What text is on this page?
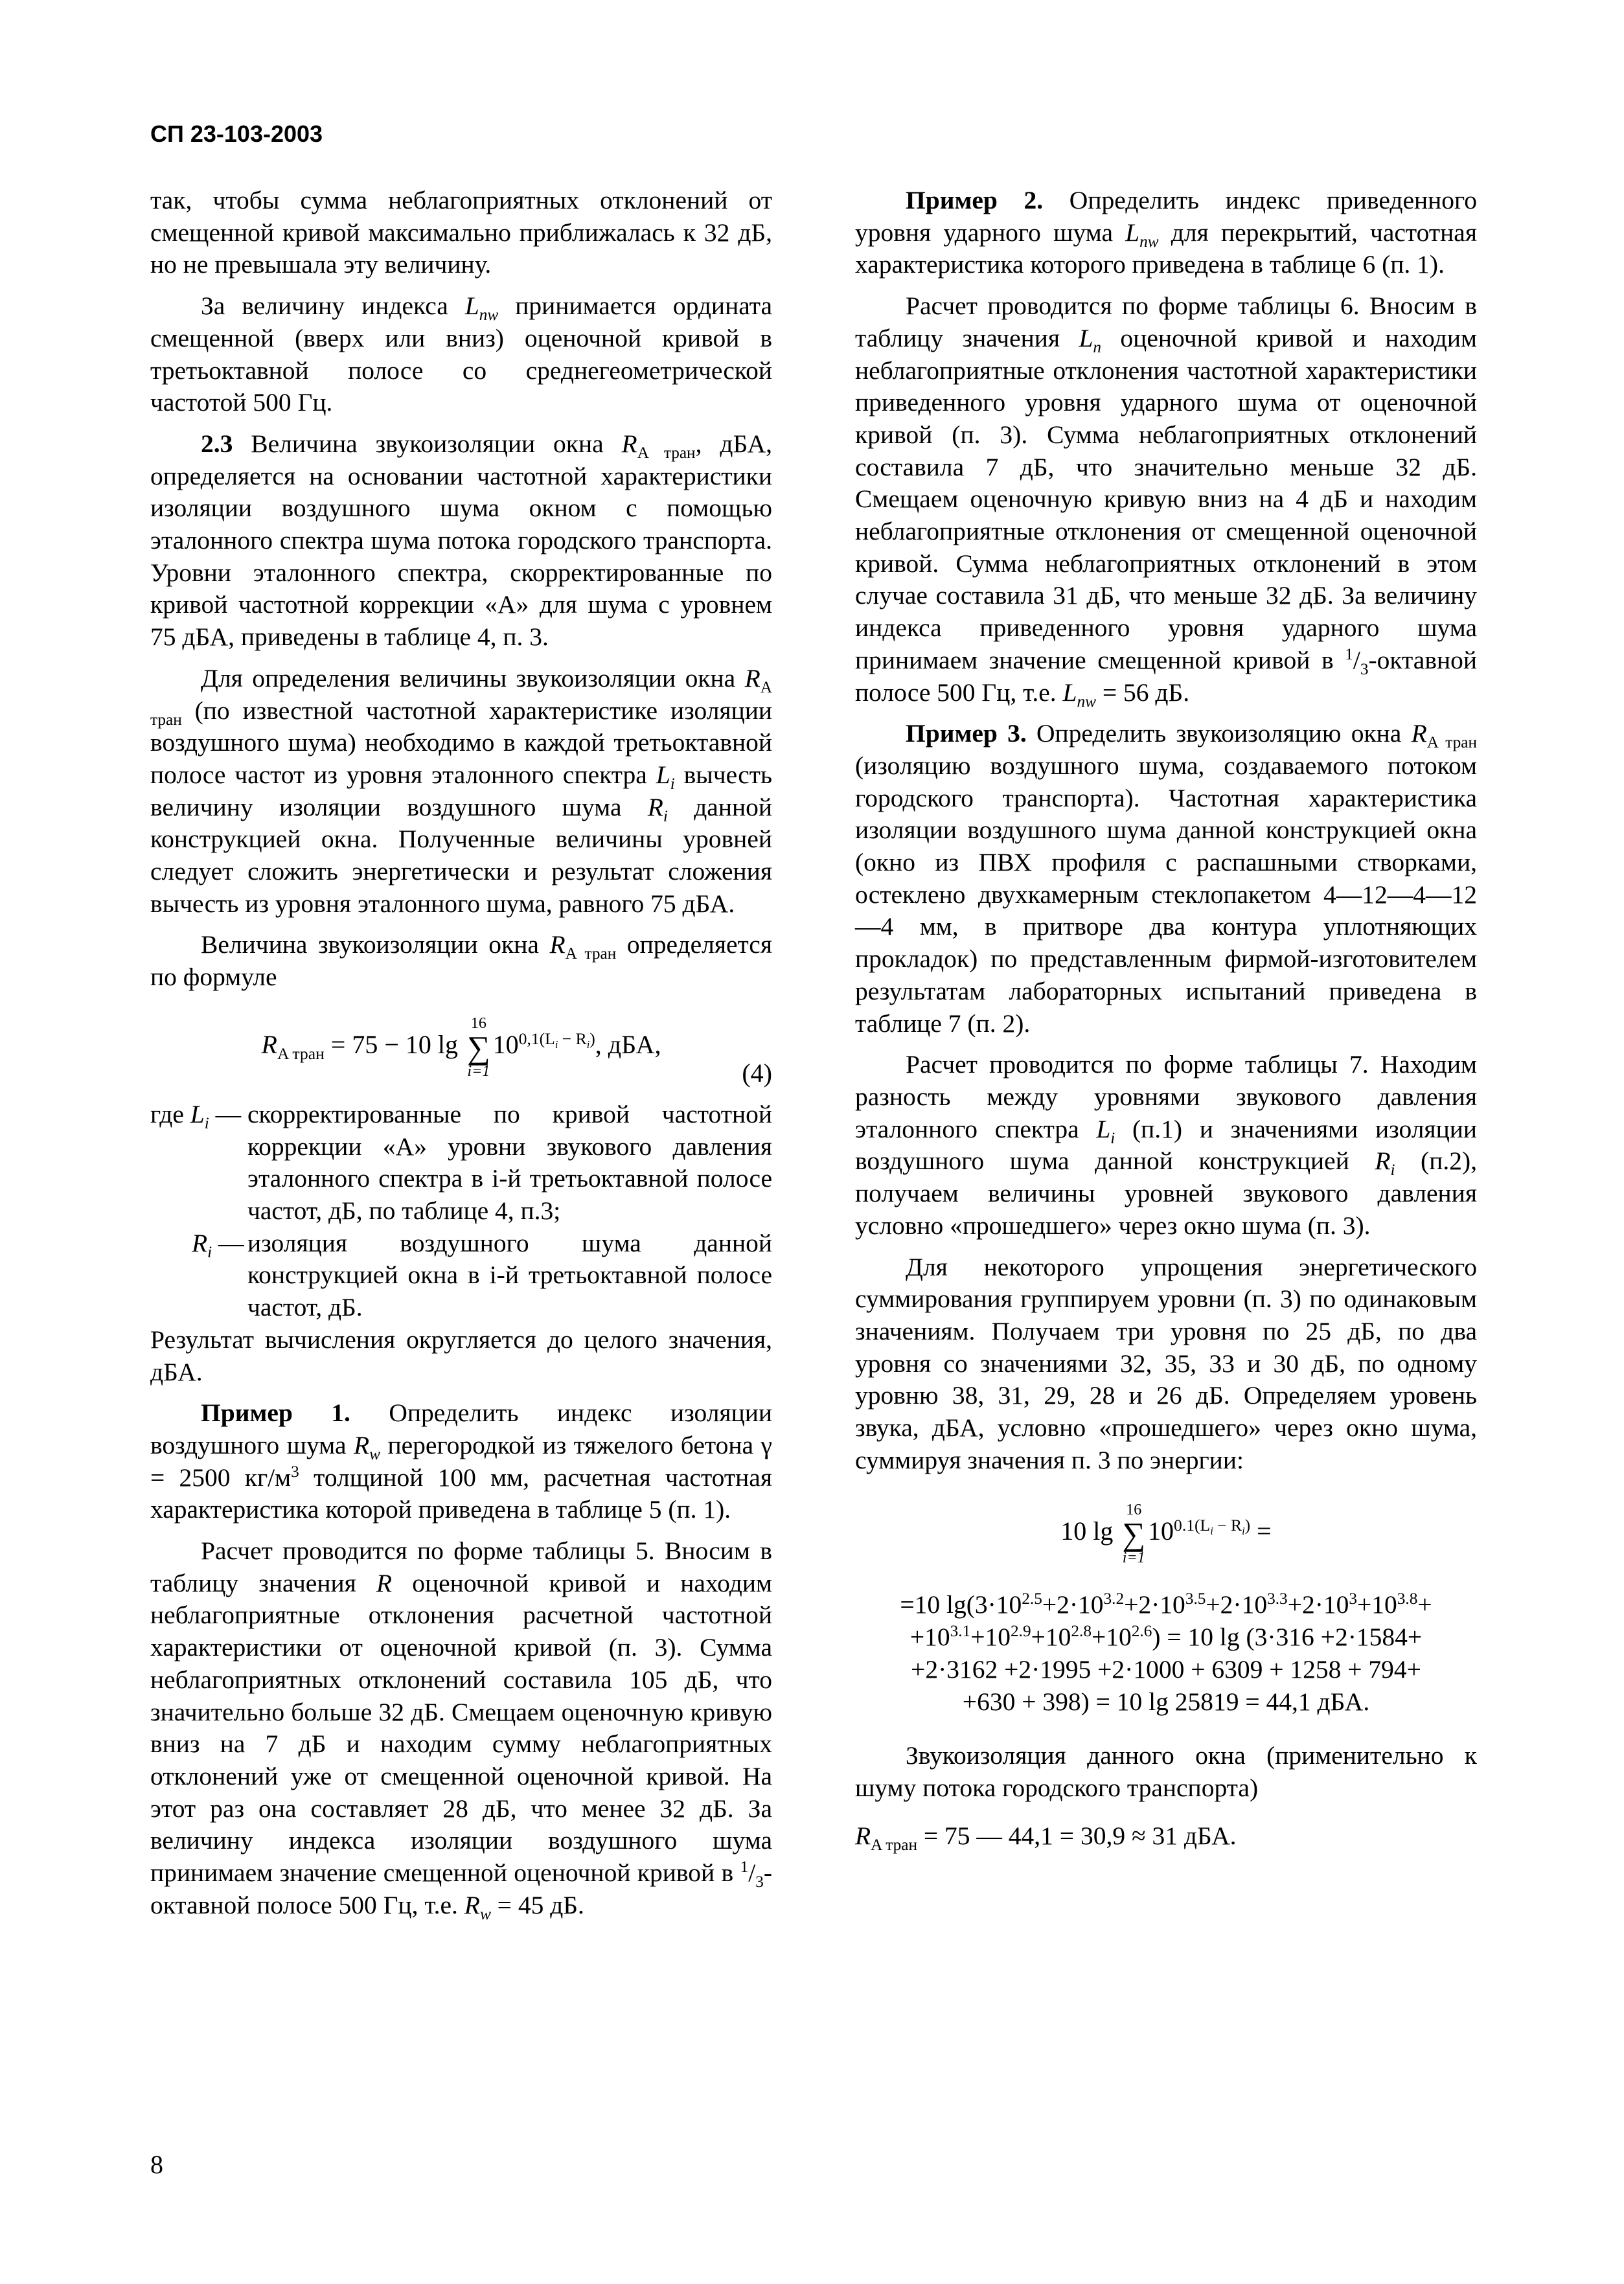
СП 23-103-2003

так, чтобы сумма неблагоприятных отклонений от смещенной кривой максимально приближалась к 32 дБ, но не превышала эту величину.

За величину индекса $L_{nw}$ принимается ордината смещенной (вверх или вниз) оценочной кривой в третьоктавной полосе со среднегеометрической частотой 500 Гц.

2.3 Величина звукоизоляции окна $R_{A тран}$, дБА, определяется на основании частотной характеристики изоляции воздушного шума окном с помощью эталонного спектра шума потока городского транспорта. Уровни эталонного спектра, скорректированные по кривой частотной коррекции «А» для шума с уровнем 75 дБА, приведены в таблице 4, п. 3.

Для определения величины звукоизоляции окна $R_{A тран}$ (по известной частотной характеристике изоляции воздушного шума) необходимо в каждой третьоктавной полосе частот из уровня эталонного спектра $L_i$ вычесть величину изоляции воздушного шума $R_i$ данной конструкцией окна. Полученные величины уровней следует сложить энергетически и результат сложения вычесть из уровня эталонного шума, равного 75 дБА.

Величина звукоизоляции окна $R_{A тран}$ определяется по формуле

$R_{A тран} = 75 - 10$ lg
16
∑
i=1
$10^{0,1(L_i - R_i)}$, дБА,
(4)
где $L_i$ — скорректированные по кривой частотной коррекции «А» уровни звукового давления эталонного спектра в i-й третьоктавной полосе частот, дБ, по таблице 4, п.3;
$R_i$ — изоляция воздушного шума данной конструкцией окна в i-й третьоктавной полосе частот, дБ.

Результат вычисления округляется до целого значения, дБА.

Пример 1. Определить индекс изоляции воздушного шума $R_w$ перегородкой из тяжелого бетона γ = 2500 $кг/м^3$ толщиной 100 мм, расчетная частотная характеристика которой приведена в таблице 5 (п. 1).

Расчет проводится по форме таблицы 5. Вносим в таблицу значения R оценочной кривой и находим неблагоприятные отклонения расчетной частотной характеристики от оценочной кривой (п. 3). Сумма неблагоприятных отклонений составила 105 дБ, что значительно больше 32 дБ. Смещаем оценочную кривую вниз на 7 дБ и находим сумму неблагоприятных отклонений уже от смещенной оценочной кривой. На этот раз она составляет 28 дБ, что менее 32 дБ. За величину индекса изоляции воздушного шума принимаем значение смещенной оценочной кривой в $^1/_3$-октавной полосе 500 Гц, т.е. $R_w = 45$ дБ.

Пример 2. Определить индекс приведенного уровня ударного шума $L_{nw}$ для перекрытий, частотная характеристика которого приведена в таблице 6 (п. 1).

Расчет проводится по форме таблицы 6. Вносим в таблицу значения $L_n$ оценочной кривой и находим неблагоприятные отклонения частотной характеристики приведенного уровня ударного шума от оценочной кривой (п. 3). Сумма неблагоприятных отклонений составила 7 дБ, что значительно меньше 32 дБ. Смещаем оценочную кривую вниз на 4 дБ и находим неблагоприятные отклонения от смещенной оценочной кривой. Сумма неблагоприятных отклонений в этом случае составила 31 дБ, что меньше 32 дБ. За величину индекса приведенного уровня ударного шума принимаем значение смещенной кривой в $^1/_3$-октавной полосе 500 Гц, т.е. $L_{nw} = 56$ дБ.

Пример 3. Определить звукоизоляцию окна $R_{A тран}$ (изоляцию воздушного шума, создаваемого потоком городского транспорта). Частотная характеристика изоляции воздушного шума данной конструкцией окна (окно из ПВХ профиля с распашными створками, остеклено двухкамерным стеклопакетом 4—12—4—12—4 мм, в притворе два контура уплотняющих прокладок) по представленным фирмой-изготовителем результатам лабораторных испытаний приведена в таблице 7 (п. 2).

Расчет проводится по форме таблицы 7. Находим разность между уровнями звукового давления эталонного спектра $L_i$ (п.1) и значениями изоляции воздушного шума данной конструкцией $R_i$ (п.2), получаем величины уровней звукового давления условно «прошедшего» через окно шума (п. 3).

Для некоторого упрощения энергетического суммирования группируем уровни (п. 3) по одинаковым значениям. Получаем три уровня по 25 дБ, по два уровня со значениями 32, 35, 33 и 30 дБ, по одному уровню 38, 31, 29, 28 и 26 дБ. Определяем уровень звука, дБА, условно «прошедшего» через окно шума, суммируя значения п. 3 по энергии:

10 lg
16
∑
i=1
$10^{0.1(L_i - R_i)}$ =
=10 $\lg(3\cdot 10^{2.5}+2\cdot 10^{3.2}+2\cdot 10^{3.5}+2\cdot 10^{3.3}+2\cdot 10^3+10^{3.8}+$
$+10^{3.1}+10^{2.9}+10^{2.8}+10^{2.6}) = 10$ lg (3·316 +2·1584+
+2·3162 +2·1995 +2·1000 + 6309 + 1258 + 794+
+630 + 398) = 10 lg 25819 = 44,1 дБА.

Звукоизоляция данного окна (применительно к шуму потока городского транспорта)

$R_{A тран} = 75$ — 44,1 = 30,9 ≈ 31 дБА.

8
